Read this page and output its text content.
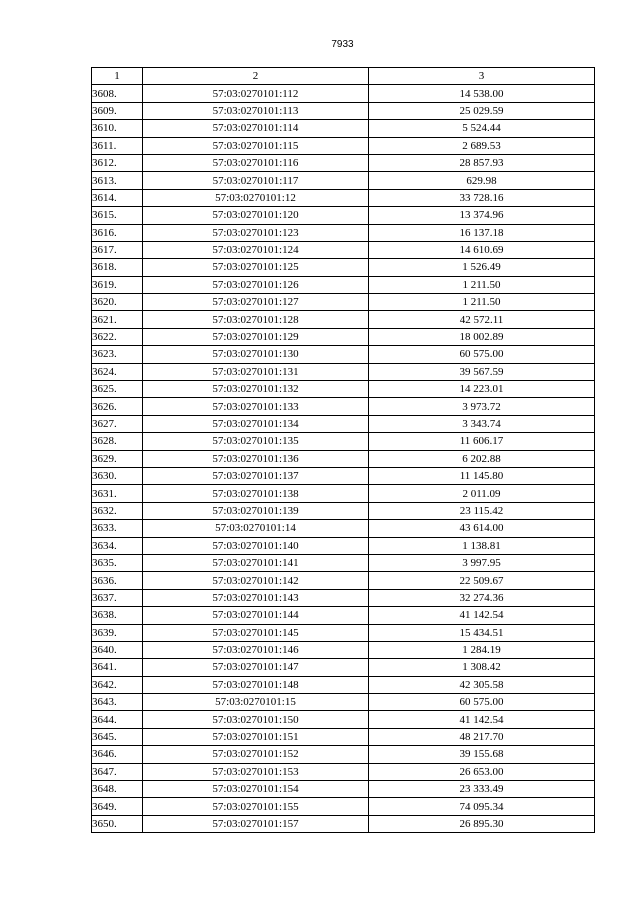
7933
1	2	3
3608.	57:03:0270101:112	14 538.00
3609.	57:03:0270101:113	25 029.59
3610.	57:03:0270101:114	5 524.44
3611.	57:03:0270101:115	2 689.53
3612.	57:03:0270101:116	28 857.93
3613.	57:03:0270101:117	629.98
3614.	57:03:0270101:12	33 728.16
3615.	57:03:0270101:120	13 374.96
3616.	57:03:0270101:123	16 137.18
3617.	57:03:0270101:124	14 610.69
3618.	57:03:0270101:125	1 526.49
3619.	57:03:0270101:126	1 211.50
3620.	57:03:0270101:127	1 211.50
3621.	57:03:0270101:128	42 572.11
3622.	57:03:0270101:129	18 002.89
3623.	57:03:0270101:130	60 575.00
3624.	57:03:0270101:131	39 567.59
3625.	57:03:0270101:132	14 223.01
3626.	57:03:0270101:133	3 973.72
3627.	57:03:0270101:134	3 343.74
3628.	57:03:0270101:135	11 606.17
3629.	57:03:0270101:136	6 202.88
3630.	57:03:0270101:137	11 145.80
3631.	57:03:0270101:138	2 011.09
3632.	57:03:0270101:139	23 115.42
3633.	57:03:0270101:14	43 614.00
3634.	57:03:0270101:140	1 138.81
3635.	57:03:0270101:141	3 997.95
3636.	57:03:0270101:142	22 509.67
3637.	57:03:0270101:143	32 274.36
3638.	57:03:0270101:144	41 142.54
3639.	57:03:0270101:145	15 434.51
3640.	57:03:0270101:146	1 284.19
3641.	57:03:0270101:147	1 308.42
3642.	57:03:0270101:148	42 305.58
3643.	57:03:0270101:15	60 575.00
3644.	57:03:0270101:150	41 142.54
3645.	57:03:0270101:151	48 217.70
3646.	57:03:0270101:152	39 155.68
3647.	57:03:0270101:153	26 653.00
3648.	57:03:0270101:154	23 333.49
3649.	57:03:0270101:155	74 095.34
3650.	57:03:0270101:157	26 895.30
